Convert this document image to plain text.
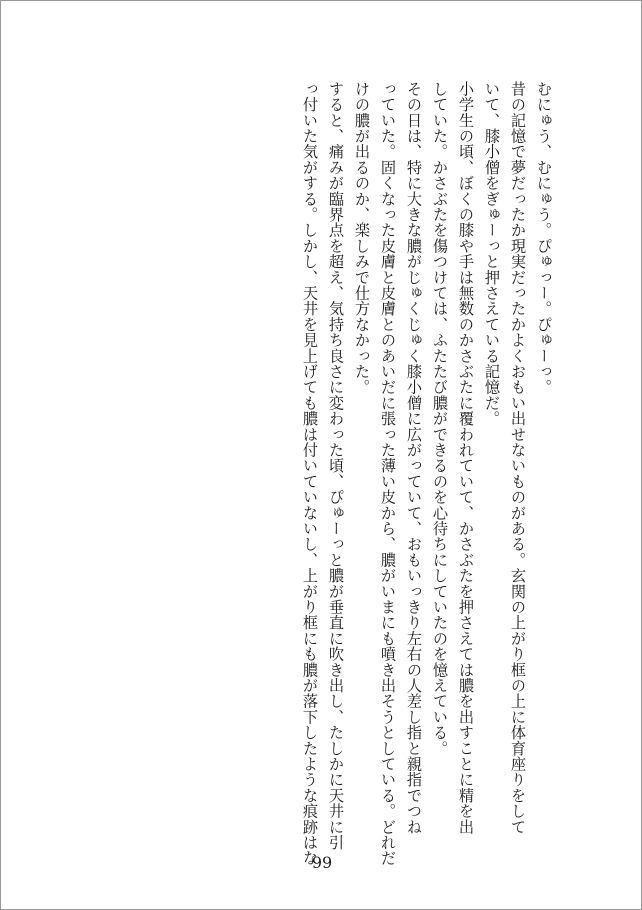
むにゅう、むにゅう。ぴゅっー。ぴゅーっ。

昔の記憶で夢だったか現実だったかよくおもい出せないものがある。玄関の上がり框の上に体育座りをして

いて、膝小僧をぎゅーっと押さえている記憶だ。

小学生の頃、ぼくの膝や手は無数のかさぶたに覆われていて、かさぶたを押さえては膿を出すことに精を出

していた。かさぶたを傷つけては、ふたたび膿ができるのを心待ちにしていたのを憶えている。

その日は、特に大きな膿がじゅくじゅく膝小僧に広がっていて、おもいっきり左右の人差し指と親指でつね

っていた。固くなった皮膚と皮膚とのあいだに張った薄い皮から、膿がいまにも噴き出そうとしている。どれだ

けの膿が出るのか、楽しみで仕方なかった。

すると、痛みが臨界点を超え、気持ち良さに変わった頃、ぴゅーっと膿が垂直に吹き出し、たしかに天井に引

っ付いた気がする。しかし、天井を見上げても膿は付いていないし、上がり框にも膿が落下したような痕跡はな

99
